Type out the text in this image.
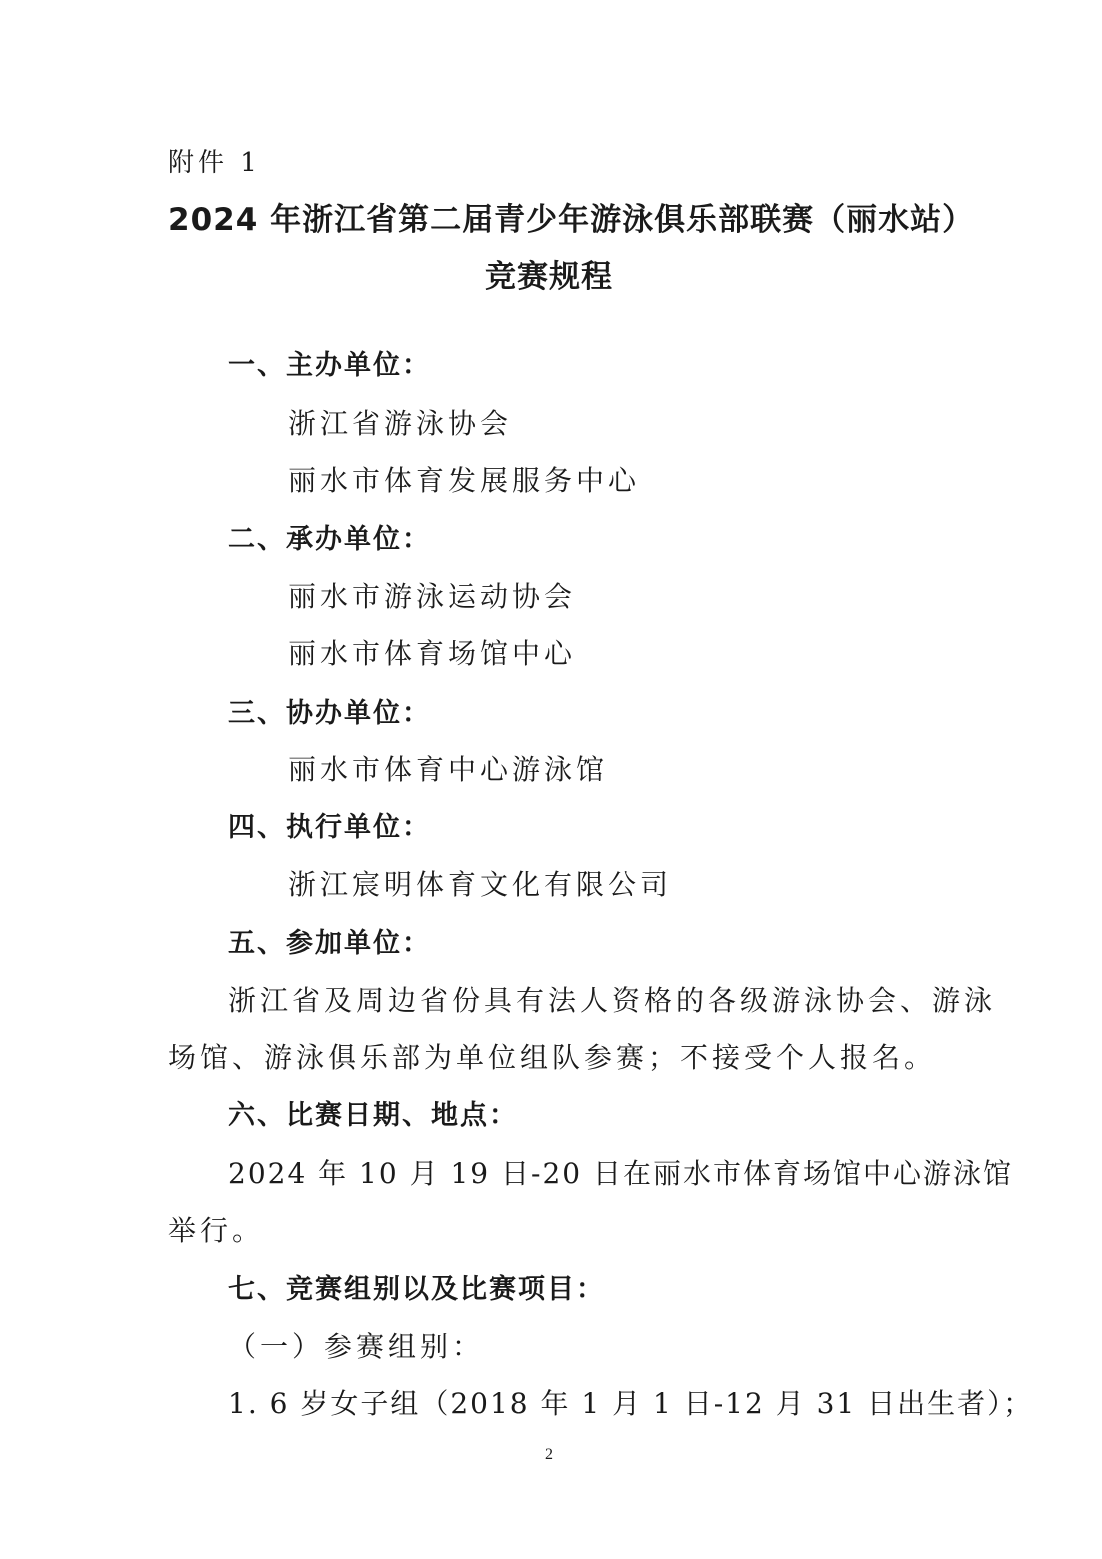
附件 1
2024 年浙江省第二届青少年游泳俱乐部联赛（丽水站）
竞赛规程
一、主办单位：
浙江省游泳协会
丽水市体育发展服务中心
二、承办单位：
丽水市游泳运动协会
丽水市体育场馆中心
三、协办单位：
丽水市体育中心游泳馆
四、执行单位：
浙江宸明体育文化有限公司
五、参加单位：
浙江省及周边省份具有法人资格的各级游泳协会、游泳
场馆、游泳俱乐部为单位组队参赛；不接受个人报名。
六、比赛日期、地点：
2024 年 10 月 19 日-20 日在丽水市体育场馆中心游泳馆
举行。
七、竞赛组别以及比赛项目：
（一）参赛组别：
1. 6 岁女子组（2018 年 1 月 1 日-12 月 31 日出生者）；
2
